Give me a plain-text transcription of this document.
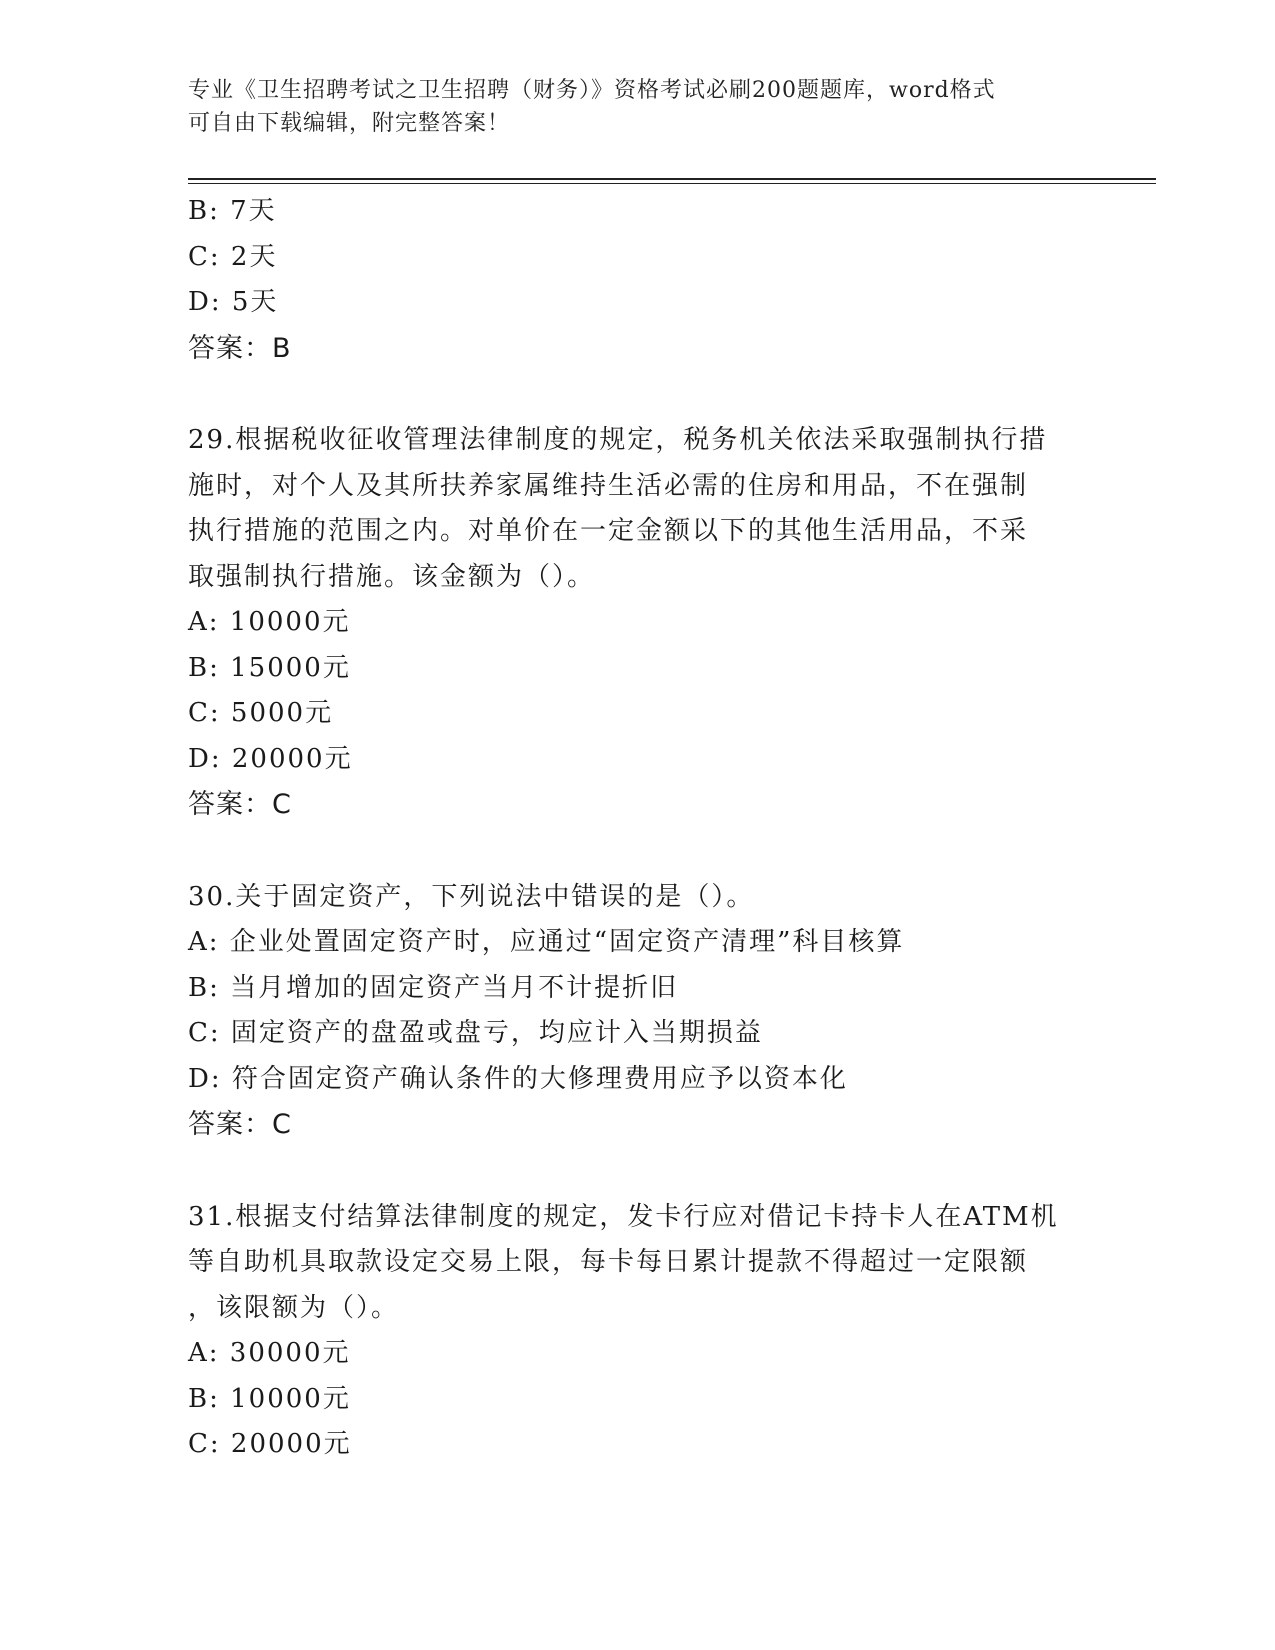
专业《卫生招聘考试之卫生招聘（财务）》资格考试必刷200题题库，word格式
可自由下载编辑，附完整答案！
B: 7天
C: 2天
D: 5天
答案：B
29.根据税收征收管理法律制度的规定，税务机关依法采取强制执行措
施时，对个人及其所扶养家属维持生活必需的住房和用品，不在强制
执行措施的范围之内。对单价在一定金额以下的其他生活用品，不采
取强制执行措施。该金额为（）。
A: 10000元
B: 15000元
C: 5000元
D: 20000元
答案：C
30.关于固定资产，下列说法中错误的是（）。
A: 企业处置固定资产时，应通过“固定资产清理”科目核算
B: 当月增加的固定资产当月不计提折旧
C: 固定资产的盘盈或盘亏，均应计入当期损益
D: 符合固定资产确认条件的大修理费用应予以资本化
答案：C
31.根据支付结算法律制度的规定，发卡行应对借记卡持卡人在ATM机
等自助机具取款设定交易上限，每卡每日累计提款不得超过一定限额
，该限额为（）。
A: 30000元
B: 10000元
C: 20000元
